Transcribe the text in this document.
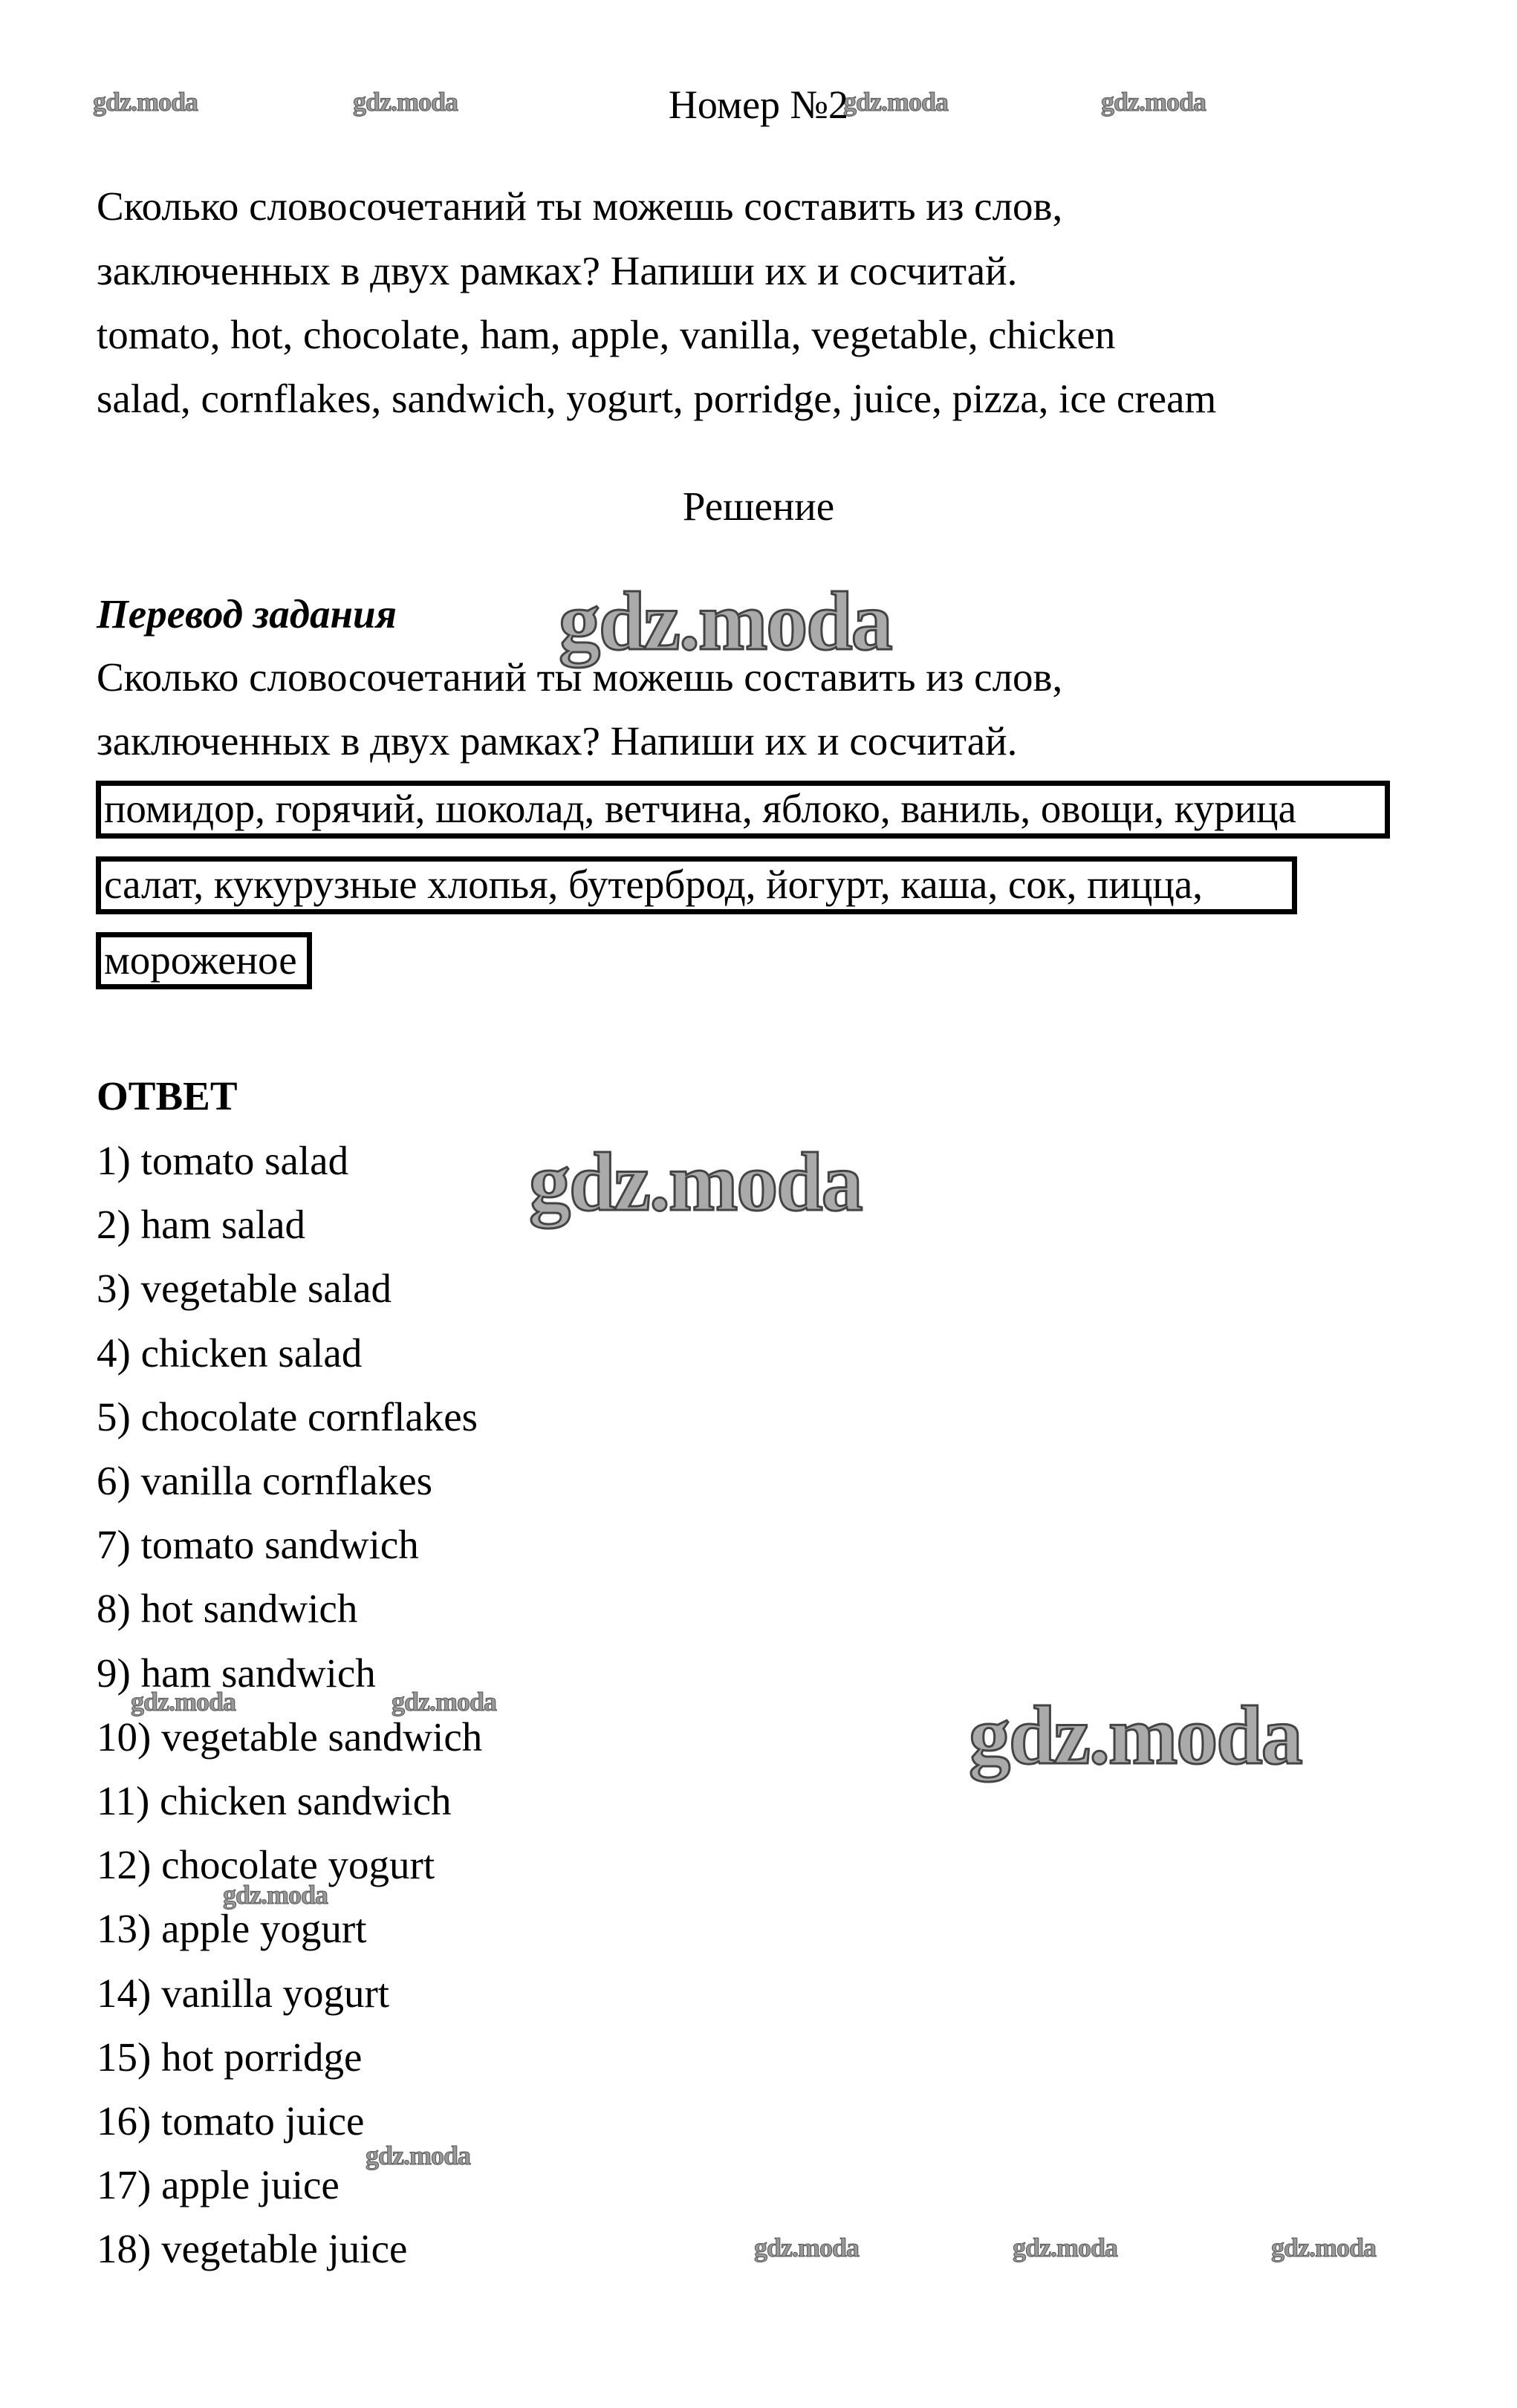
gdz.moda	gdz.moda	gdz.moda	gdz.moda
Номер №2
Сколько словосочетаний ты можешь составить из слов,
заключенных в двух рамках? Напиши их и сосчитай.
tomato, hot, chocolate, ham, apple, vanilla, vegetable, chicken
salad, cornflakes, sandwich, yogurt, porridge, juice, pizza, ice cream
Решение
Перевод задания
Сколько словосочетаний ты можешь составить из слов,
заключенных в двух рамках? Напиши их и сосчитай.
помидор, горячий, шоколад, ветчина, яблоко, ваниль, овощи, курица
салат, кукурузные хлопья, бутерброд, йогурт, каша, сок, пицца,
мороженое
ОТВЕТ
1) tomato salad
2) ham salad
3) vegetable salad
4) chicken salad
5) chocolate cornflakes
6) vanilla cornflakes
7) tomato sandwich
8) hot sandwich
9) ham sandwich
10) vegetable sandwich
11) chicken sandwich
12) chocolate yogurt
13) apple yogurt
14) vanilla yogurt
15) hot porridge
16) tomato juice
17) apple juice
18) vegetable juice
gdz.moda
gdz.moda
gdz.moda
gdz.moda	gdz.moda
gdz.moda
gdz.moda
gdz.moda	gdz.moda	gdz.moda
